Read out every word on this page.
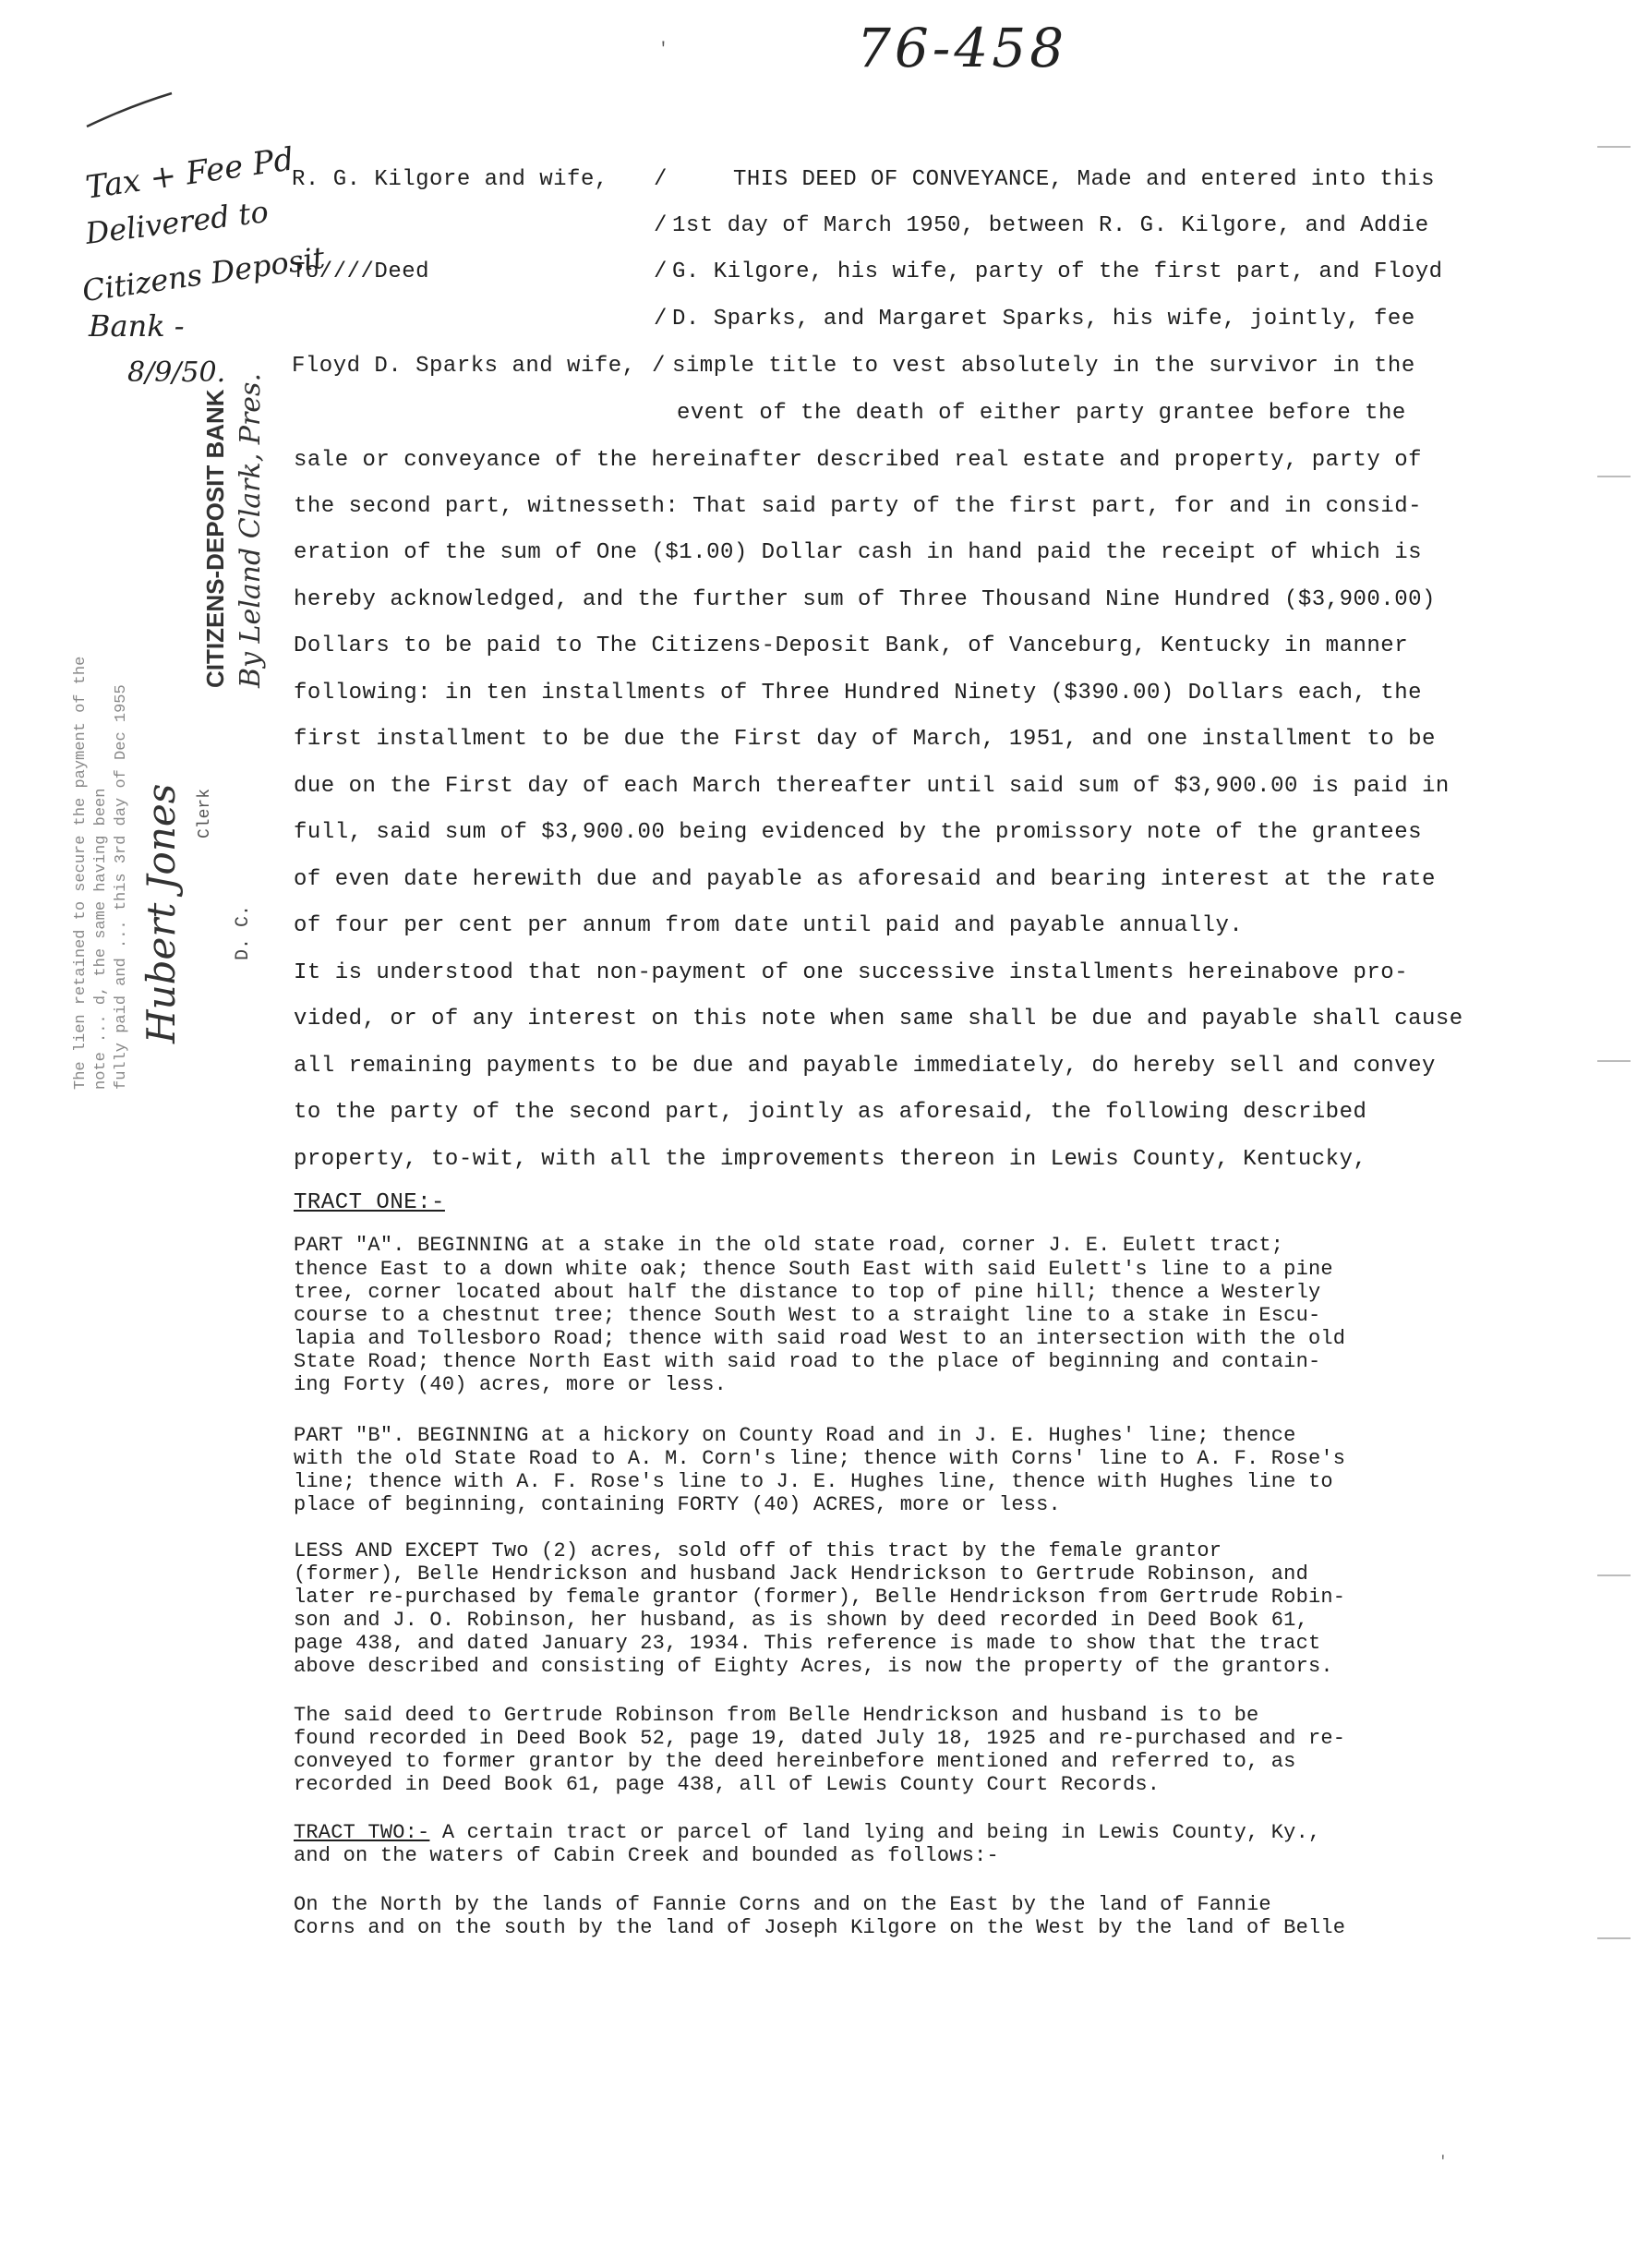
76-458
'
Tax + Fee Pd
Delivered to
Citizens Deposit
Bank -
8/9/50.
CITIZENS-DEPOSIT BANK By Leland Clark, Pres.
D. C.
Clerk
The lien retained to secure the payment of the note ... d, the same having been fully paid and ... this 3rd day of Dec 1955 Hubert Jones
R. G. Kilgore and wife,
To////Deed
Floyd D. Sparks and wife,
/
/
/
/
/
THIS DEED OF CONVEYANCE, Made and entered into this
1st day of March 1950, between R. G. Kilgore, and Addie
G. Kilgore, his wife, party of the first part, and Floyd
D. Sparks, and Margaret Sparks, his wife, jointly, fee
simple title to vest absolutely in the survivor in the
event of the death of either party grantee before the
sale or conveyance of the hereinafter described real estate and property, party of
the second part, witnesseth: That said party of the first part, for and in consid-
eration of the sum of One ($1.00) Dollar cash in hand paid the receipt of which is
hereby acknowledged, and the further sum of Three Thousand Nine Hundred ($3,900.00)
Dollars to be paid to The Citizens-Deposit Bank, of Vanceburg, Kentucky in manner
following: in ten installments of Three Hundred Ninety ($390.00) Dollars each, the
first installment to be due the First day of March, 1951, and one installment to be
due on the First day of each March thereafter until said sum of $3,900.00 is paid in
full, said sum of $3,900.00 being evidenced by the promissory note of the grantees
of even date herewith due and payable as aforesaid and bearing interest at the rate
of four per cent per annum from date until paid and payable annually.
It is understood that non-payment of one successive installments hereinabove pro-
vided, or of any interest on this note when same shall be due and payable shall cause
all remaining payments to be due and payable immediately, do hereby sell and convey
to the party of the second part, jointly as aforesaid, the following described
property, to-wit, with all the improvements thereon in Lewis County, Kentucky,
TRACT ONE:-
PART "A". BEGINNING at a stake in the old state road, corner J. E. Eulett tract;
thence East to a down white oak; thence South East with said Eulett's line to a pine
tree, corner located about half the distance to top of pine hill; thence a Westerly
course to a chestnut tree; thence South West to a straight line to a stake in Escu-
lapia and Tollesboro Road; thence with said road West to an intersection with the old
State Road; thence North East with said road to the place of beginning and contain-
ing Forty (40) acres, more or less.
PART "B". BEGINNING at a hickory on County Road and in J. E. Hughes' line; thence
with the old State Road to A. M. Corn's line; thence with Corns' line to A. F. Rose's
line; thence with A. F. Rose's line to J. E. Hughes line, thence with Hughes line to
place of beginning, containing FORTY (40) ACRES, more or less.
LESS AND EXCEPT Two (2) acres, sold off of this tract by the female grantor
(former), Belle Hendrickson and husband Jack Hendrickson to Gertrude Robinson, and
later re-purchased by female grantor (former), Belle Hendrickson from Gertrude Robin-
son and J. O. Robinson, her husband, as is shown by deed recorded in Deed Book 61,
page 438, and dated January 23, 1934. This reference is made to show that the tract
above described and consisting of Eighty Acres, is now the property of the grantors.
The said deed to Gertrude Robinson from Belle Hendrickson and husband is to be
found recorded in Deed Book 52, page 19, dated July 18, 1925 and re-purchased and re-
conveyed to former grantor by the deed hereinbefore mentioned and referred to, as
recorded in Deed Book 61, page 438, all of Lewis County Court Records.
TRACT TWO:- A certain tract or parcel of land lying and being in Lewis County, Ky.,
and on the waters of Cabin Creek and bounded as follows:-
On the North by the lands of Fannie Corns and on the East by the land of Fannie
Corns and on the south by the land of Joseph Kilgore on the West by the land of Belle
'
